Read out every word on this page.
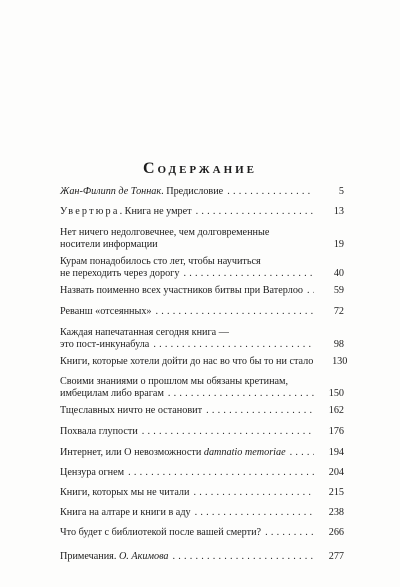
Содержание
Жан-Филипп де Тоннак. Предисловие .....	5
Увертюра. Книга не умрет .....	13
Нет ничего недолговечнее, чем долговременные
носители информации	19
Курам понадобилось сто лет, чтобы научиться
не переходить через дорогу .....	40
Назвать поименно всех участников битвы при Ватерлоо .....	59
Реванш «отсеянных» .....	72
Каждая напечатанная сегодня книга —
это пост-инкунабула .....	98
Книги, которые хотели дойти до нас во что бы то ни стало	130
Своими знаниями о прошлом мы обязаны кретинам,
имбецилам либо врагам .....	150
Тщеславных ничто не остановит .....	162
Похвала глупости .....	176
Интернет, или О невозможности damnatio memoriae .....	194
Цензура огнем .....	204
Книги, которых мы не читали .....	215
Книга на алтаре и книги в аду .....	238
Что будет с библиотекой после вашей смерти? .....	266
Примечания. О. Акимова .....	277
